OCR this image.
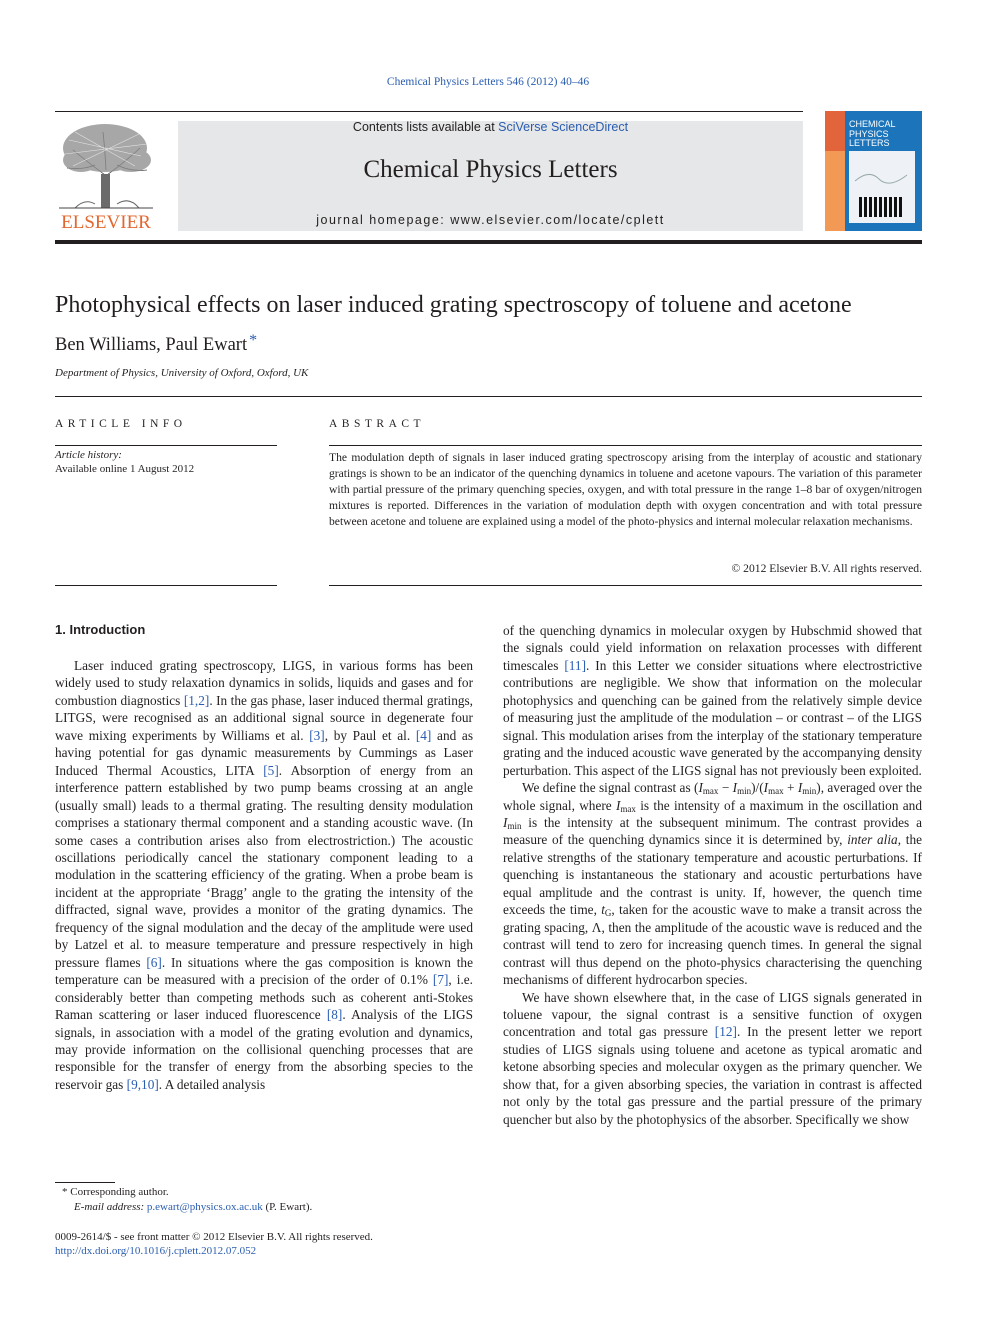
Chemical Physics Letters 546 (2012) 40–46
ELSEVIER
Contents lists available at SciVerse ScienceDirect
Chemical Physics Letters
journal homepage: www.elsevier.com/locate/cplett
CHEMICAL
PHYSICS
LETTERS
Photophysical effects on laser induced grating spectroscopy of toluene and acetone
Ben Williams, Paul Ewart *
Department of Physics, University of Oxford, Oxford, UK
ARTICLE INFO	ABSTRACT
Article history:
Available online 1 August 2012
The modulation depth of signals in laser induced grating spectroscopy arising from the interplay of acoustic and stationary gratings is shown to be an indicator of the quenching dynamics in toluene and acetone vapours. The variation of this parameter with partial pressure of the primary quenching species, oxygen, and with total pressure in the range 1–8 bar of oxygen/nitrogen mixtures is reported. Differences in the variation of modulation depth with oxygen concentration and with total pressure between acetone and toluene are explained using a model of the photo-physics and internal molecular relaxation mechanisms.
© 2012 Elsevier B.V. All rights reserved.
1. Introduction

Laser induced grating spectroscopy, LIGS, in various forms has been widely used to study relaxation dynamics in solids, liquids and gases and for combustion diagnostics [1,2]. In the gas phase, laser induced thermal gratings, LITGS, were recognised as an additional signal source in degenerate four wave mixing experiments by Williams et al. [3], by Paul et al. [4] and as having potential for gas dynamic measurements by Cummings as Laser Induced Thermal Acoustics, LITA [5]. Absorption of energy from an interference pattern established by two pump beams crossing at an angle (usually small) leads to a thermal grating. The resulting density modulation comprises a stationary thermal component and a standing acoustic wave. (In some cases a contribution arises also from electrostriction.) The acoustic oscillations periodically cancel the stationary component leading to a modulation in the scattering efficiency of the grating. When a probe beam is incident at the appropriate ‘Bragg’ angle to the grating the intensity of the diffracted, signal wave, provides a monitor of the grating dynamics. The frequency of the signal modulation and the decay of the amplitude were used by Latzel et al. to measure temperature and pressure respectively in high pressure flames [6]. In situations where the gas composition is known the temperature can be measured with a precision of the order of 0.1% [7], i.e. considerably better than competing methods such as coherent anti-Stokes Raman scattering or laser induced fluorescence [8]. Analysis of the LIGS signals, in association with a model of the grating evolution and dynamics, may provide information on the collisional quenching processes that are responsible for the transfer of energy from the absorbing species to the reservoir gas [9,10]. A detailed analysis

of the quenching dynamics in molecular oxygen by Hubschmid showed that the signals could yield information on relaxation processes with different timescales [11]. In this Letter we consider situations where electrostrictive contributions are negligible. We show that information on the molecular photophysics and quenching can be gained from the relatively simple device of measuring just the amplitude of the modulation – or contrast – of the LIGS signal. This modulation arises from the interplay of the stationary temperature grating and the induced acoustic wave generated by the accompanying density perturbation. This aspect of the LIGS signal has not previously been exploited.

We define the signal contrast as $(I_{max} - I_{min})/(I_{max} + I_{min})$, averaged over the whole signal, where $I_{max}$ is the intensity of a maximum in the oscillation and $I_{min}$ is the intensity at the subsequent minimum. The contrast provides a measure of the quenching dynamics since it is determined by, inter alia, the relative strengths of the stationary temperature and acoustic perturbations. If quenching is instantaneous the stationary and acoustic perturbations have equal amplitude and the contrast is unity. If, however, the quench time exceeds the time, $t_G$, taken for the acoustic wave to make a transit across the grating spacing, Λ, then the amplitude of the acoustic wave is reduced and the contrast will tend to zero for increasing quench times. In general the signal contrast will thus depend on the photo-physics characterising the quenching mechanisms of different hydrocarbon species.

We have shown elsewhere that, in the case of LIGS signals generated in toluene vapour, the signal contrast is a sensitive function of oxygen concentration and total gas pressure [12]. In the present letter we report studies of LIGS signals using toluene and acetone as typical aromatic and ketone absorbing species and molecular oxygen as the primary quencher. We show that, for a given absorbing species, the variation in contrast is affected not only by the total gas pressure and the partial pressure of the primary quencher but also by the photophysics of the absorber. Specifically we show

* Corresponding author.
E-mail address: p.ewart@physics.ox.ac.uk (P. Ewart).
0009-2614/$ - see front matter © 2012 Elsevier B.V. All rights reserved.
http://dx.doi.org/10.1016/j.cplett.2012.07.052
